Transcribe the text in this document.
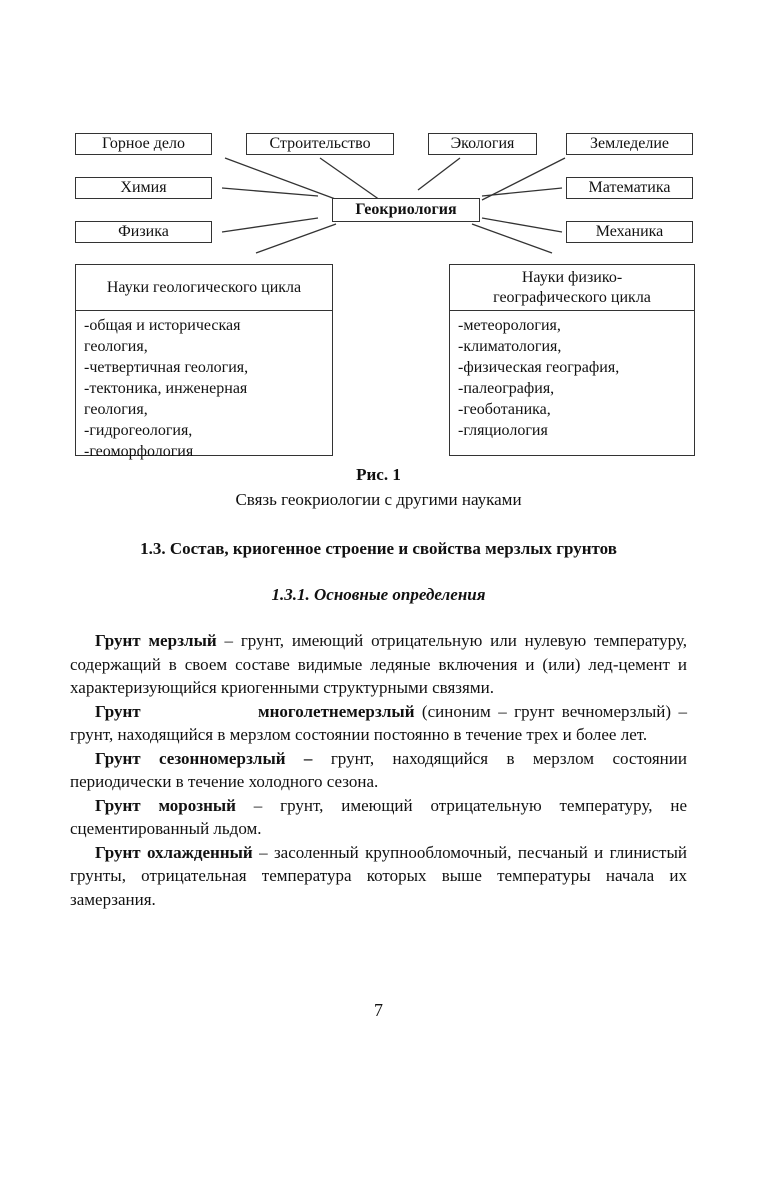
Горное дело	Строительство	Экология	Земледелие
Химия
Физика
Математика
Механика
Геокриология
Науки геологического цикла
-общая и историческая
геология,
-четвертичная геология,
-тектоника, инженерная
геология,
-гидрогеология,
-геоморфология
Науки физико-
географического цикла
-метеорология,
-климатология,
-физическая география,
-палеография,
-геоботаника,
-гляциология
Рис. 1
Связь геокриологии с другими науками
1.3. Состав, криогенное строение и свойства мерзлых грунтов
1.3.1. Основные определения

Грунт мерзлый – грунт, имеющий отрицательную или нулевую температуру, содержащий в своем составе видимые ледяные включения и (или) лед-цемент и характеризующийся криогенными структурными связями.

Грунт многолетнемерзлый (синоним – грунт вечномерзлый) – грунт, находящийся в мерзлом состоянии постоянно в течение трех и более лет.

Грунт сезонномерзлый – грунт, находящийся в мерзлом состоянии периодически в течение холодного сезона.

Грунт морозный – грунт, имеющий отрицательную температуру, не сцементированный льдом.

Грунт охлажденный – засоленный крупнообломочный, песчаный и глинистый грунты, отрицательная температура которых выше температуры начала их замерзания.

7
